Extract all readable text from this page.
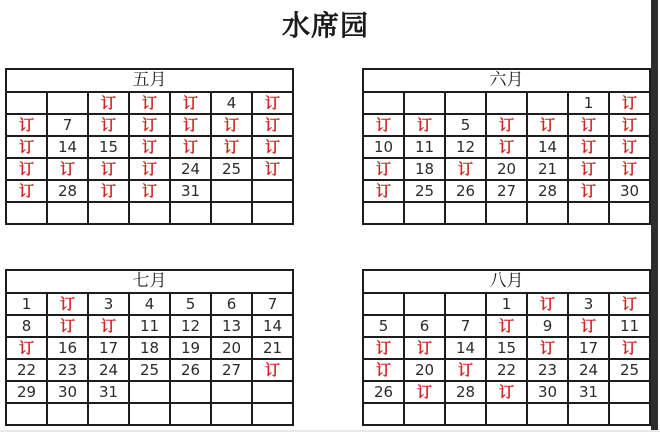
水席园
五月						
		订	订	订	4	订
订	7	订	订	订	订	订
订	14	15	订	订	订	订
订	订	订	订	24	25	订
订	28	订	订	31		

六月						
					1	订
订	订	5	订	订	订	订
10	11	12	订	14	订	订
订	18	订	20	21	订	订
订	25	26	27	28	订	30

七月						
1	订	3	4	5	6	7
8	订	订	11	12	13	14
订	16	17	18	19	20	21
22	23	24	25	26	27	订
29	30	31				

八月						
			1	订	3	订
5	6	7	订	9	订	11
订	订	14	15	订	17	订
订	20	订	22	23	24	25
26	订	28	订	30	31	
